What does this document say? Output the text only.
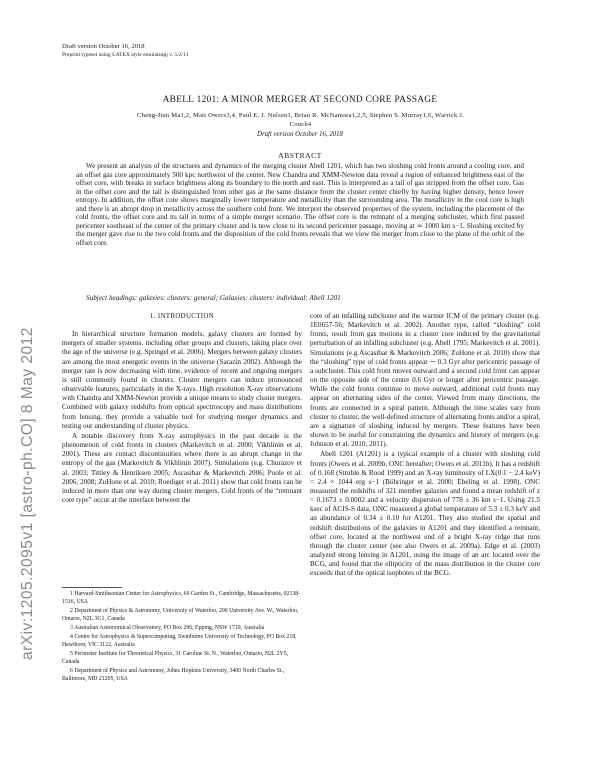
arXiv:1205.2095v1 [astro-ph.CO] 8 May 2012
Draft version October 16, 2018
Preprint typeset using LATEX style emulateapj v. 5/2/11
ABELL 1201: A MINOR MERGER AT SECOND CORE PASSAGE
Cheng-Jiun Ma1,2, Matt Owers3,4, Paul E. J. Nulsen1, Brian R. McNamara1,2,5, Stephen S. Murray1,6, Warrick J.
Couch4
Draft version October 16, 2018
ABSTRACT

We present an analysis of the structures and dynamics of the merging cluster Abell 1201, which has two sloshing cold fronts around a cooling core, and an offset gas core approximately 500 kpc northwest of the center. New Chandra and XMM-Newton data reveal a region of enhanced brightness east of the offset core, with breaks in surface brightness along its boundary to the north and east. This is interpreted as a tail of gas stripped from the offset core. Gas in the offset core and the tail is distinguished from other gas at the same distance from the cluster center chiefly by having higher density, hence lower entropy. In addition, the offset core shows marginally lower temperature and metallicity than the surrounding area. The metallicity in the cool core is high and there is an abrupt drop in metallicity across the southern cold front. We interpret the observed properties of the system, including the placement of the cold fronts, the offset core and its tail in terms of a simple merger scenario. The offset core is the remnant of a merging subcluster, which first passed pericenter southeast of the center of the primary cluster and is now close to its second pericenter passage, moving at ≃ 1000 km s−1. Sloshing excited by the merger gave rise to the two cold fronts and the disposition of the cold fronts reveals that we view the merger from close to the plane of the orbit of the offset core.

Subject headings: galaxies: clusters: general; Galaxies: clusters: individual: Abell 1201

1. INTRODUCTION

In hierarchical structure formation models, galaxy clusters are formed by mergers of smaller systems, including other groups and clusters, taking place over the age of the universe (e.g. Springel et al. 2006). Mergers between galaxy clusters are among the most energetic events in the universe (Sarazin 2002). Although the merger rate is now decreasing with time, evidence of recent and ongoing mergers is still commonly found in clusters. Cluster mergers can induce pronounced observable features, particularly in the X-rays. High resolution X-ray observations with Chandra and XMM-Newton provide a unique means to study cluster mergers. Combined with galaxy redshifts from optical spectroscopy and mass distributions from lensing, they provide a valuable tool for studying merger dynamics and testing our understanding of cluster physics.

A notable discovery from X-ray astrophysics in the past decade is the phenomenon of cold fronts in clusters (Markevitch et al. 2000; Vikhlinin et al. 2001). These are contact discontinuities where there is an abrupt change in the entropy of the gas (Markevitch & Vikhlinin 2007). Simulations (e.g. Churazov et al. 2003; Tittley & Henriksen 2005; Ascasibar & Markevitch 2006; Poole et al. 2006, 2008; ZuHone et al. 2010; Roediger et al. 2011) show that cold fronts can be induced in more than one way during cluster mergers. Cold fronts of the “remnant core type” occur at the interface between the

1 Harvard-Smithsonian Center for Astrophysics, 60 Garden St., Cambridge, Massachusetts, 02138-1516, USA

2 Department of Physics & Astronomy, University of Waterloo, 200 University Ave. W., Waterloo, Ontario, N2L 3G1, Canada

3 Australian Astronomical Observatory, PO Box 296, Epping, NSW 1710, Australia

4 Centre for Astrophysics & Supercomputing, Swinburne University of Technology, PO Box 218, Hawthorn, VIC 3122, Australia

5 Perimeter Institute for Theoretical Physics, 31 Caroline St. N., Waterloo, Ontario, N2L 2Y5, Canada

6 Department of Physics and Astronomy, Johns Hopkins University, 3400 North Charles St., Baltimore, MD 21205, USA

core of an infalling subcluster and the warmer ICM of the primary cluster (e.g. 1E0657-56; Markevitch et al. 2002). Another type, called “sloshing” cold fronts, result from gas motions in a cluster core induced by the gravitational perturbation of an infalling subcluster (e.g. Abell 1795; Markevitch et al. 2001). Simulations (e.g Ascasibar & Markevitch 2006; ZuHone et al. 2010) show that the “sloshing” type of cold fronts appear ∼ 0.3 Gyr after pericentric passage of a subcluster. This cold front moves outward and a second cold front can appear on the opposite side of the center 0.6 Gyr or longer after pericentric passage. While the cold fronts continue to move outward, additional cold fronts may appear on alternating sides of the center. Viewed from many directions, the fronts are connected in a spiral pattern. Although the time scales vary from cluster to cluster, the well-defined structure of alternating fronts and/or a spiral, are a signature of sloshing induced by mergers. These features have been shown to be useful for constraining the dynamics and history of mergers (e.g. Johnson et al. 2010, 2011).

Abell 1201 (A1201) is a typical example of a cluster with sloshing cold fronts (Owers et al. 2009b, ONC hereafter; Owers et al. 2011b). It has a redshift of 0.168 (Struble & Rood 1999) and an X-ray luminosity of LX(0.1 − 2.4 keV) = 2.4 × 1044 erg s−1 (Böhringer et al. 2000; Ebeling et al. 1998). ONC measured the redshifts of 321 member galaxies and found a mean redshift of z = 0.1673 ± 0.0002 and a velocity dispersion of 778 ± 36 km s−1. Using 21.5 ksec of ACIS-S data, ONC measured a global temperature of 5.3 ± 0.3 keV and an abundance of 0.34 ± 0.10 for A1201. They also studied the spatial and redshift distributions of the galaxies in A1201 and they identified a remnant, offset core, located at the northwest end of a bright X-ray ridge that runs through the cluster center (see also Owers et al. 2009a). Edge et al. (2003) analyzed strong lensing in A1201, using the image of an arc located over the BCG, and found that the ellipticity of the mass distribution in the cluster core exceeds that of the optical isophotes of the BCG.
